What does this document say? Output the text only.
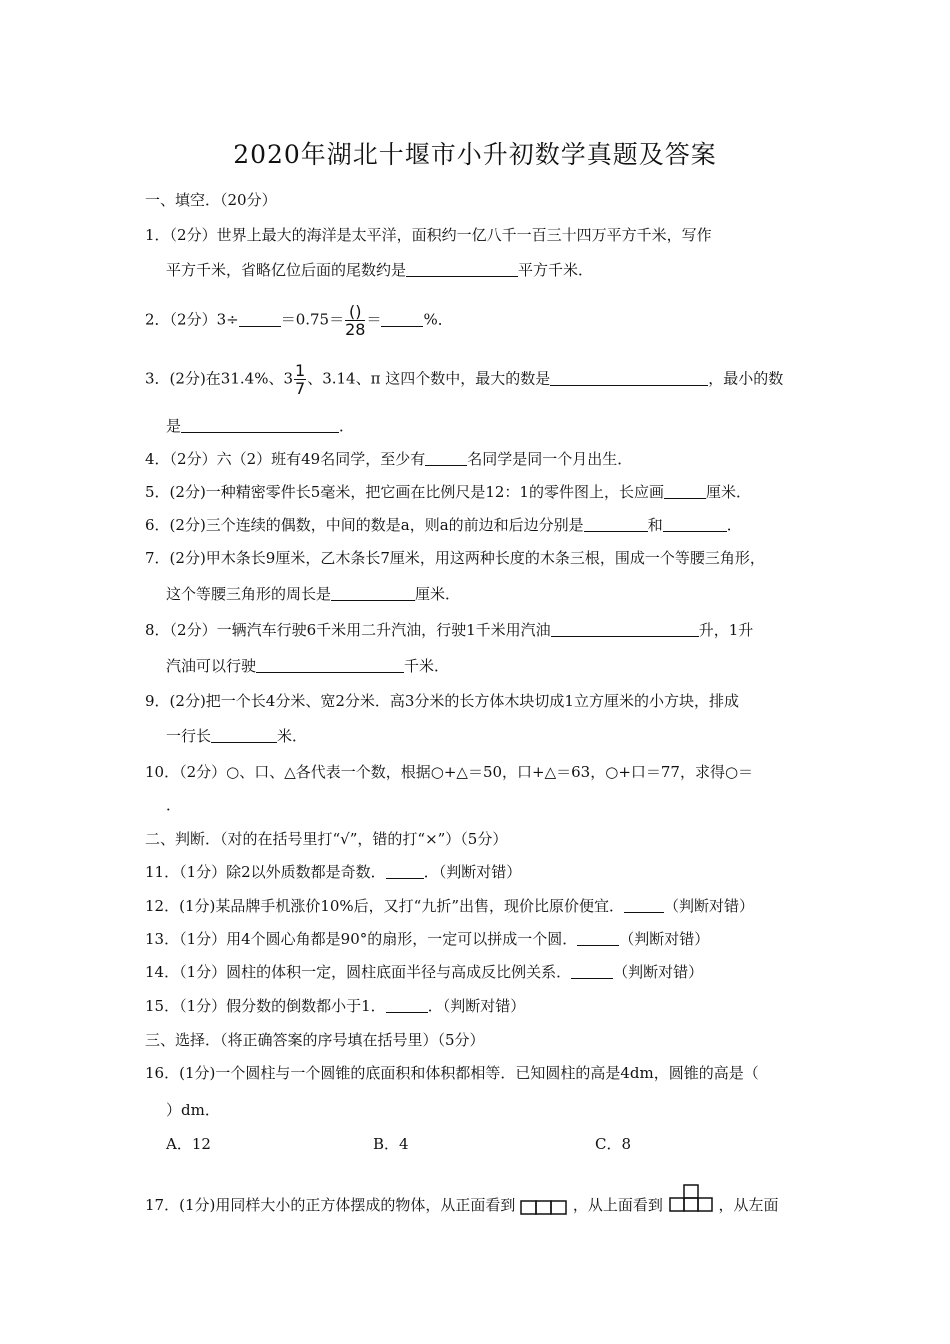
2020年湖北十堰市小升初数学真题及答案
一、填空．（20分）
1．（2分）世界上最大的海洋是太平洋，面积约一亿八千一百三十四万平方千米，写作
平方千米，省略亿位后面的尾数约是	平方千米．
2．（2分）3÷	$=0.75= \frac{()}{28}$ ＝	%．
3．(2分)在31.4%、$3 \frac{1}{7}$ 、3.14、π 这四个数中，最大的数是	，最小的数
是	．
4．（2分）六（2）班有49名同学，至少有	名同学是同一个月出生．
5．(2分)一种精密零件长5毫米，把它画在比例尺是12：1的零件图上，长应画	厘米．
6．(2分)三个连续的偶数，中间的数是a，则a的前边和后边分别是	和	．
7．(2分)甲木条长9厘米，乙木条长7厘米，用这两种长度的木条三根，围成一个等腰三角形，
这个等腰三角形的周长是	厘米．
8．（2分）一辆汽车行驶6千米用二升汽油，行驶1千米用汽油	升，1升
汽油可以行驶	千米．
9．(2分)把一个长4分米、宽2分米．高3分米的长方体木块切成1立方厘米的小方块，排成
一行长	米．
10．（2分）○、口、△各代表一个数，根据○+△＝50，口+△＝63，○+口＝77，求得○＝
．
二、判断．（对的在括号里打“√”，错的打“×”）（5分）
11．（1分）除2以外质数都是奇数．	．（判断对错）
12．(1分)某品牌手机涨价10%后，又打“九折”出售，现价比原价便宜．	（判断对错）
13．（1分）用4个圆心角都是90°的扇形，一定可以拼成一个圆．	（判断对错）
14．（1分）圆柱的体积一定，圆柱底面半径与高成反比例关系．	（判断对错）
15．（1分）假分数的倒数都小于1．	．（判断对错）
三、选择．（将正确答案的序号填在括号里）（5分）
16．(1分)一个圆柱与一个圆锥的底面积和体积都相等．已知圆柱的高是4dm，圆锥的高是（
）dm．
A．12	B．4	C．8
17．(1分)用同样大小的正方体摆成的物体，从正面看到	，从上面看到	，从左面
